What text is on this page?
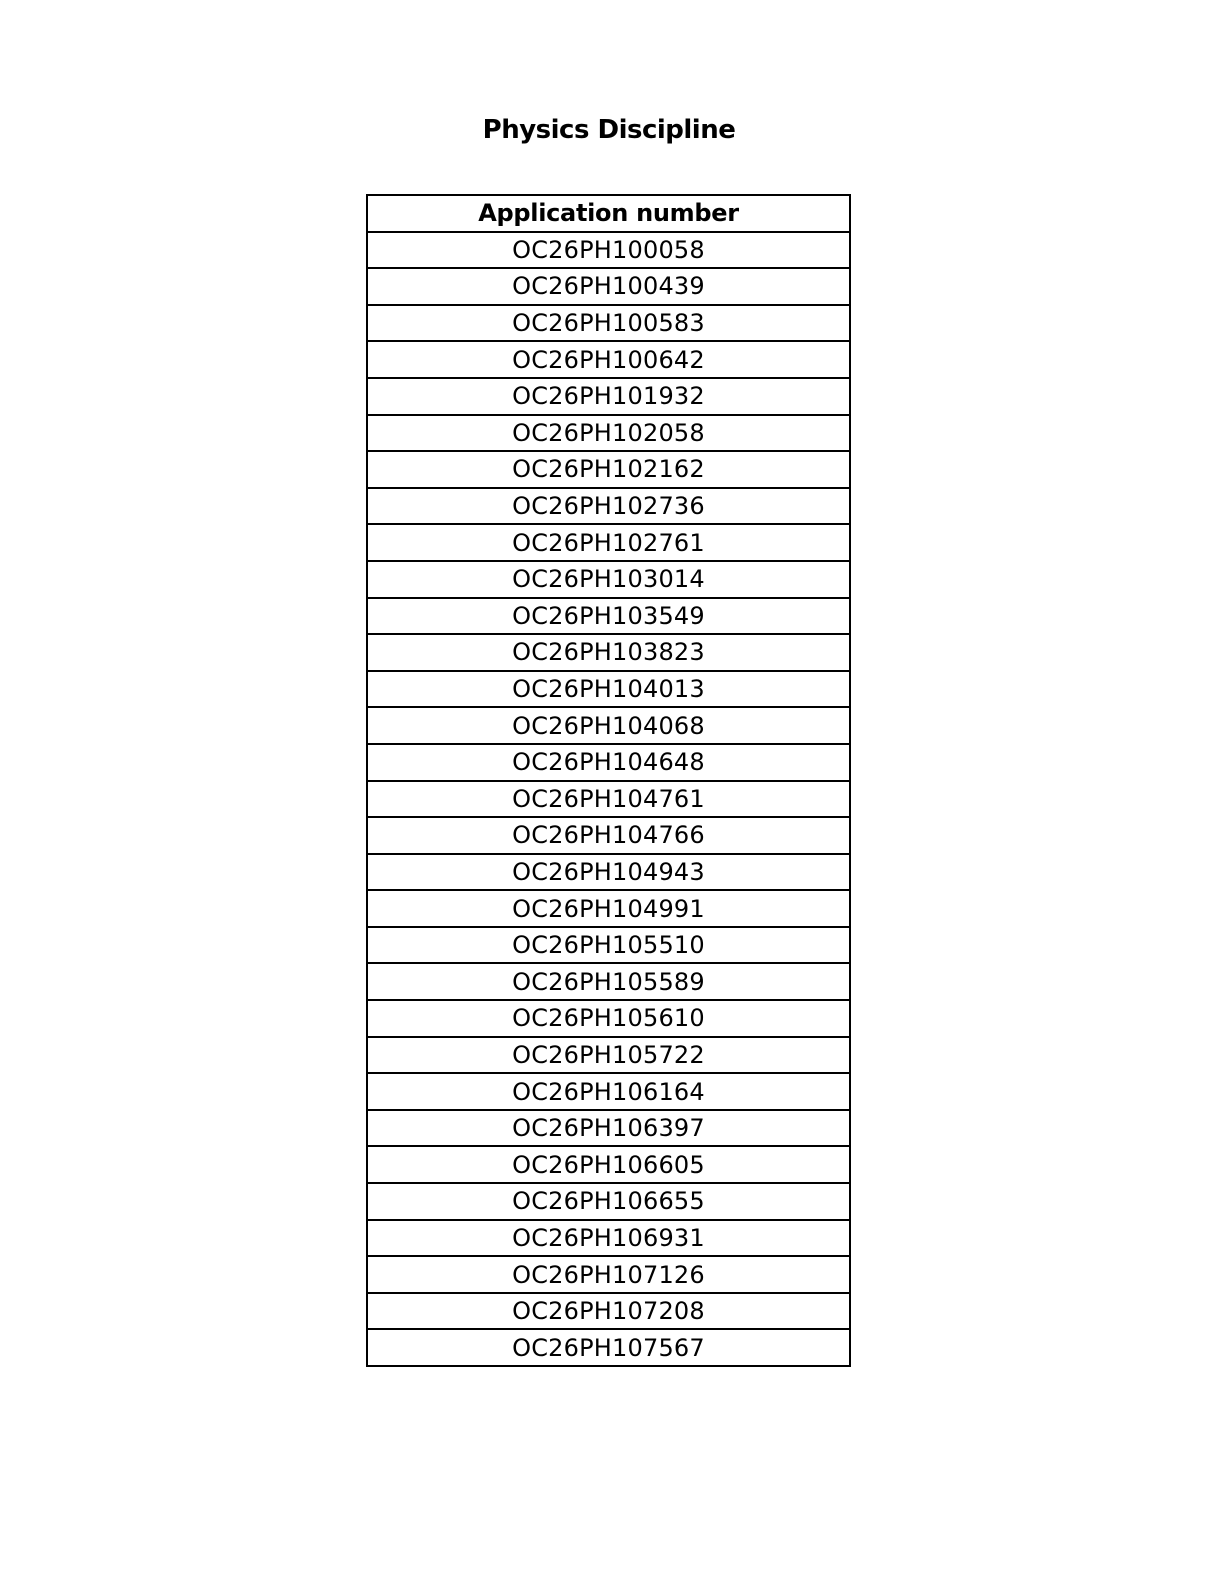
Physics Discipline
Application number
OC26PH100058
OC26PH100439
OC26PH100583
OC26PH100642
OC26PH101932
OC26PH102058
OC26PH102162
OC26PH102736
OC26PH102761
OC26PH103014
OC26PH103549
OC26PH103823
OC26PH104013
OC26PH104068
OC26PH104648
OC26PH104761
OC26PH104766
OC26PH104943
OC26PH104991
OC26PH105510
OC26PH105589
OC26PH105610
OC26PH105722
OC26PH106164
OC26PH106397
OC26PH106605
OC26PH106655
OC26PH106931
OC26PH107126
OC26PH107208
OC26PH107567
